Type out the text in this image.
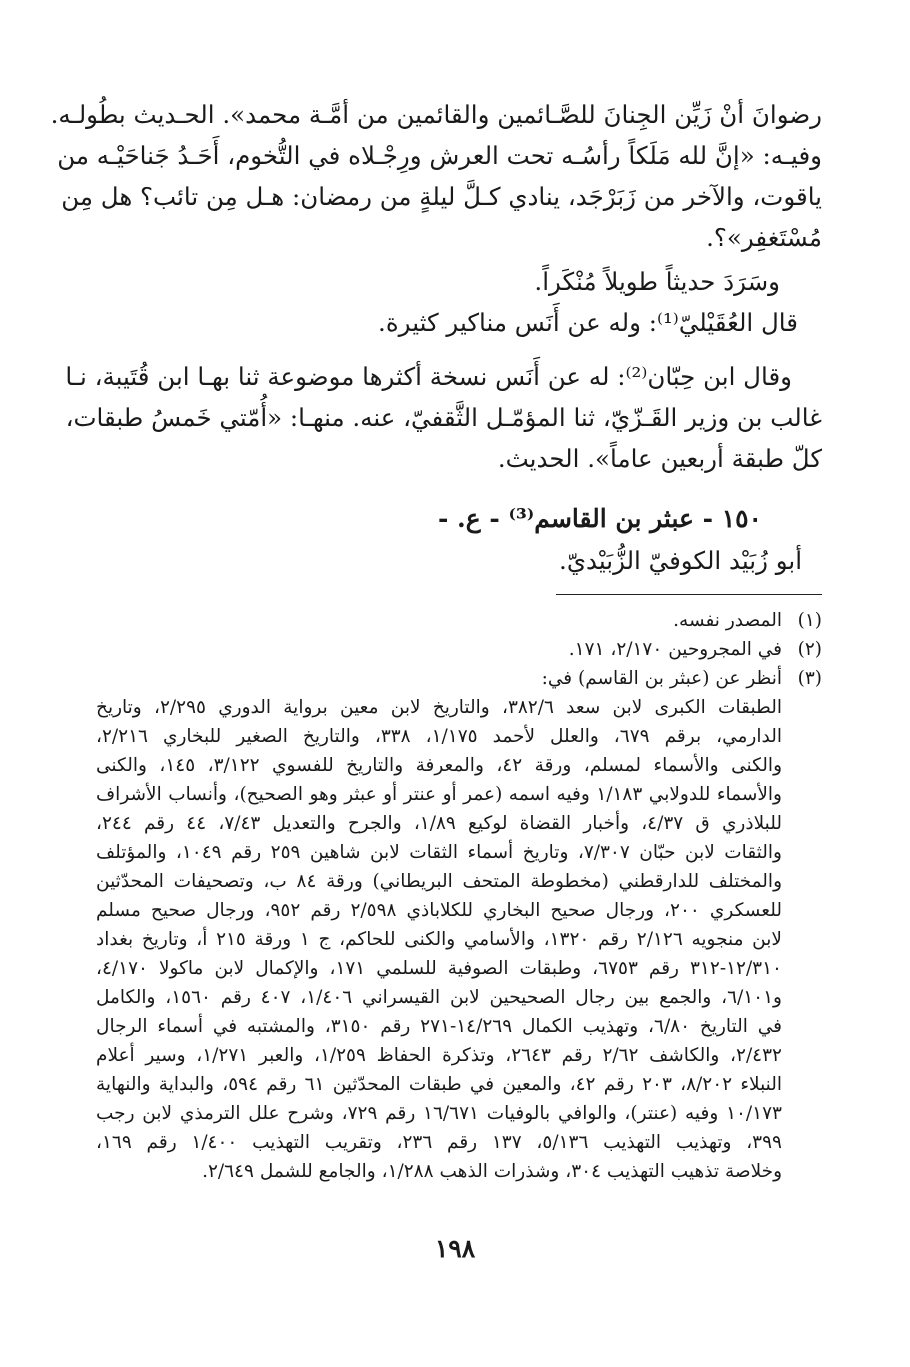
رضوانَ أنْ زَيِّن الجِنانَ للصَّـائمين والقائمين من أمَّـة محمد». الحـديث بطُولـه.
وفيـه: «إنَّ لله مَلَكاً رأسُـه تحت العرش ورِجْـلاه في التُّخوم، أَحَـدُ جَناحَيْـه من
ياقوت، والآخر من زَبَرْجَد، ينادي كـلَّ ليلةٍ من رمضان: هـل مِن تائب؟ هل مِن
مُسْتَغفِر»؟.
وسَرَدَ حديثاً طويلاً مُنْكَراً.
قال العُقَيْليّ⁽¹⁾: وله عن أَنَس مناكير كثيرة.
وقال ابن حِبّان⁽²⁾: له عن أَنَس نسخة أكثرها موضوعة ثنا بهـا ابن قُتَيبة، نـا
غالب بن وزير القَـزّيّ، ثنا المؤمّـل الثَّقفيّ، عنه. منهـا: «أُمّتي خَمسُ طبقات،
كلّ طبقة أربعين عاماً». الحديث.
١٥٠ - عبثر بن القاسم⁽³⁾ - ع. -
أبو زُبَيْد الكوفيّ الزُّبَيْديّ.
(١)
المصدر نفسه.
(٢)
في المجروحين ٢/١٧٠، ١٧١.
(٣)
أنظر عن (عبثر بن القاسم) في:
الطبقات الكبرى لابن سعد ٣٨٢/٦، والتاريخ لابن معين برواية الدوري ٢/٢٩٥، وتاريخ
الدارمي، برقم ٦٧٩، والعلل لأحمد ١/١٧٥، ٣٣٨، والتاريخ الصغير للبخاري ٢/٢١٦،
والكنى والأسماء لمسلم، ورقة ٤٢، والمعرفة والتاريخ للفسوي ٣/١٢٢، ١٤٥، والكنى
والأسماء للدولابي ١/١٨٣ وفيه اسمه (عمر أو عنتر أو عبثر وهو الصحيح)، وأنساب الأشراف
للبلاذري ق ٤/٣٧، وأخبار القضاة لوكيع ١/٨٩، والجرح والتعديل ٧/٤٣، ٤٤ رقم ٢٤٤،
والثقات لابن حبّان ٧/٣٠٧، وتاريخ أسماء الثقات لابن شاهين ٢٥٩ رقم ١٠٤٩، والمؤتلف
والمختلف للدارقطني (مخطوطة المتحف البريطاني) ورقة ٨٤ ب، وتصحيفات المحدّثين
للعسكري ٢٠٠، ورجال صحيح البخاري للكلاباذي ٢/٥٩٨ رقم ٩٥٢، ورجال صحيح مسلم
لابن منجويه ٢/١٢٦ رقم ١٣٢٠، والأسامي والكنى للحاكم، ج ١ ورقة ٢١٥ أ، وتاريخ بغداد
١٢/٣١٠-٣١٢ رقم ٦٧٥٣، وطبقات الصوفية للسلمي ١٧١، والإكمال لابن ماكولا ٤/١٧٠،
و٦/١٠١، والجمع بين رجال الصحيحين لابن القيسراني ١/٤٠٦، ٤٠٧ رقم ١٥٦٠، والكامل
في التاريخ ٦/٨٠، وتهذيب الكمال ١٤/٢٦٩-٢٧١ رقم ٣١٥٠، والمشتبه في أسماء الرجال
٢/٤٣٢، والكاشف ٢/٦٢ رقم ٢٦٤٣، وتذكرة الحفاظ ١/٢٥٩، والعبر ١/٢٧١، وسير أعلام
النبلاء ٨/٢٠٢، ٢٠٣ رقم ٤٢، والمعين في طبقات المحدّثين ٦١ رقم ٥٩٤، والبداية والنهاية
١٠/١٧٣ وفيه (عنتر)، والوافي بالوفيات ١٦/٦٧١ رقم ٧٢٩، وشرح علل الترمذي لابن رجب
٣٩٩، وتهذيب التهذيب ٥/١٣٦، ١٣٧ رقم ٢٣٦، وتقريب التهذيب ١/٤٠٠ رقم ١٦٩،
وخلاصة تذهيب التهذيب ٣٠٤، وشذرات الذهب ١/٢٨٨، والجامع للشمل ٢/٦٤٩.
١٩٨
